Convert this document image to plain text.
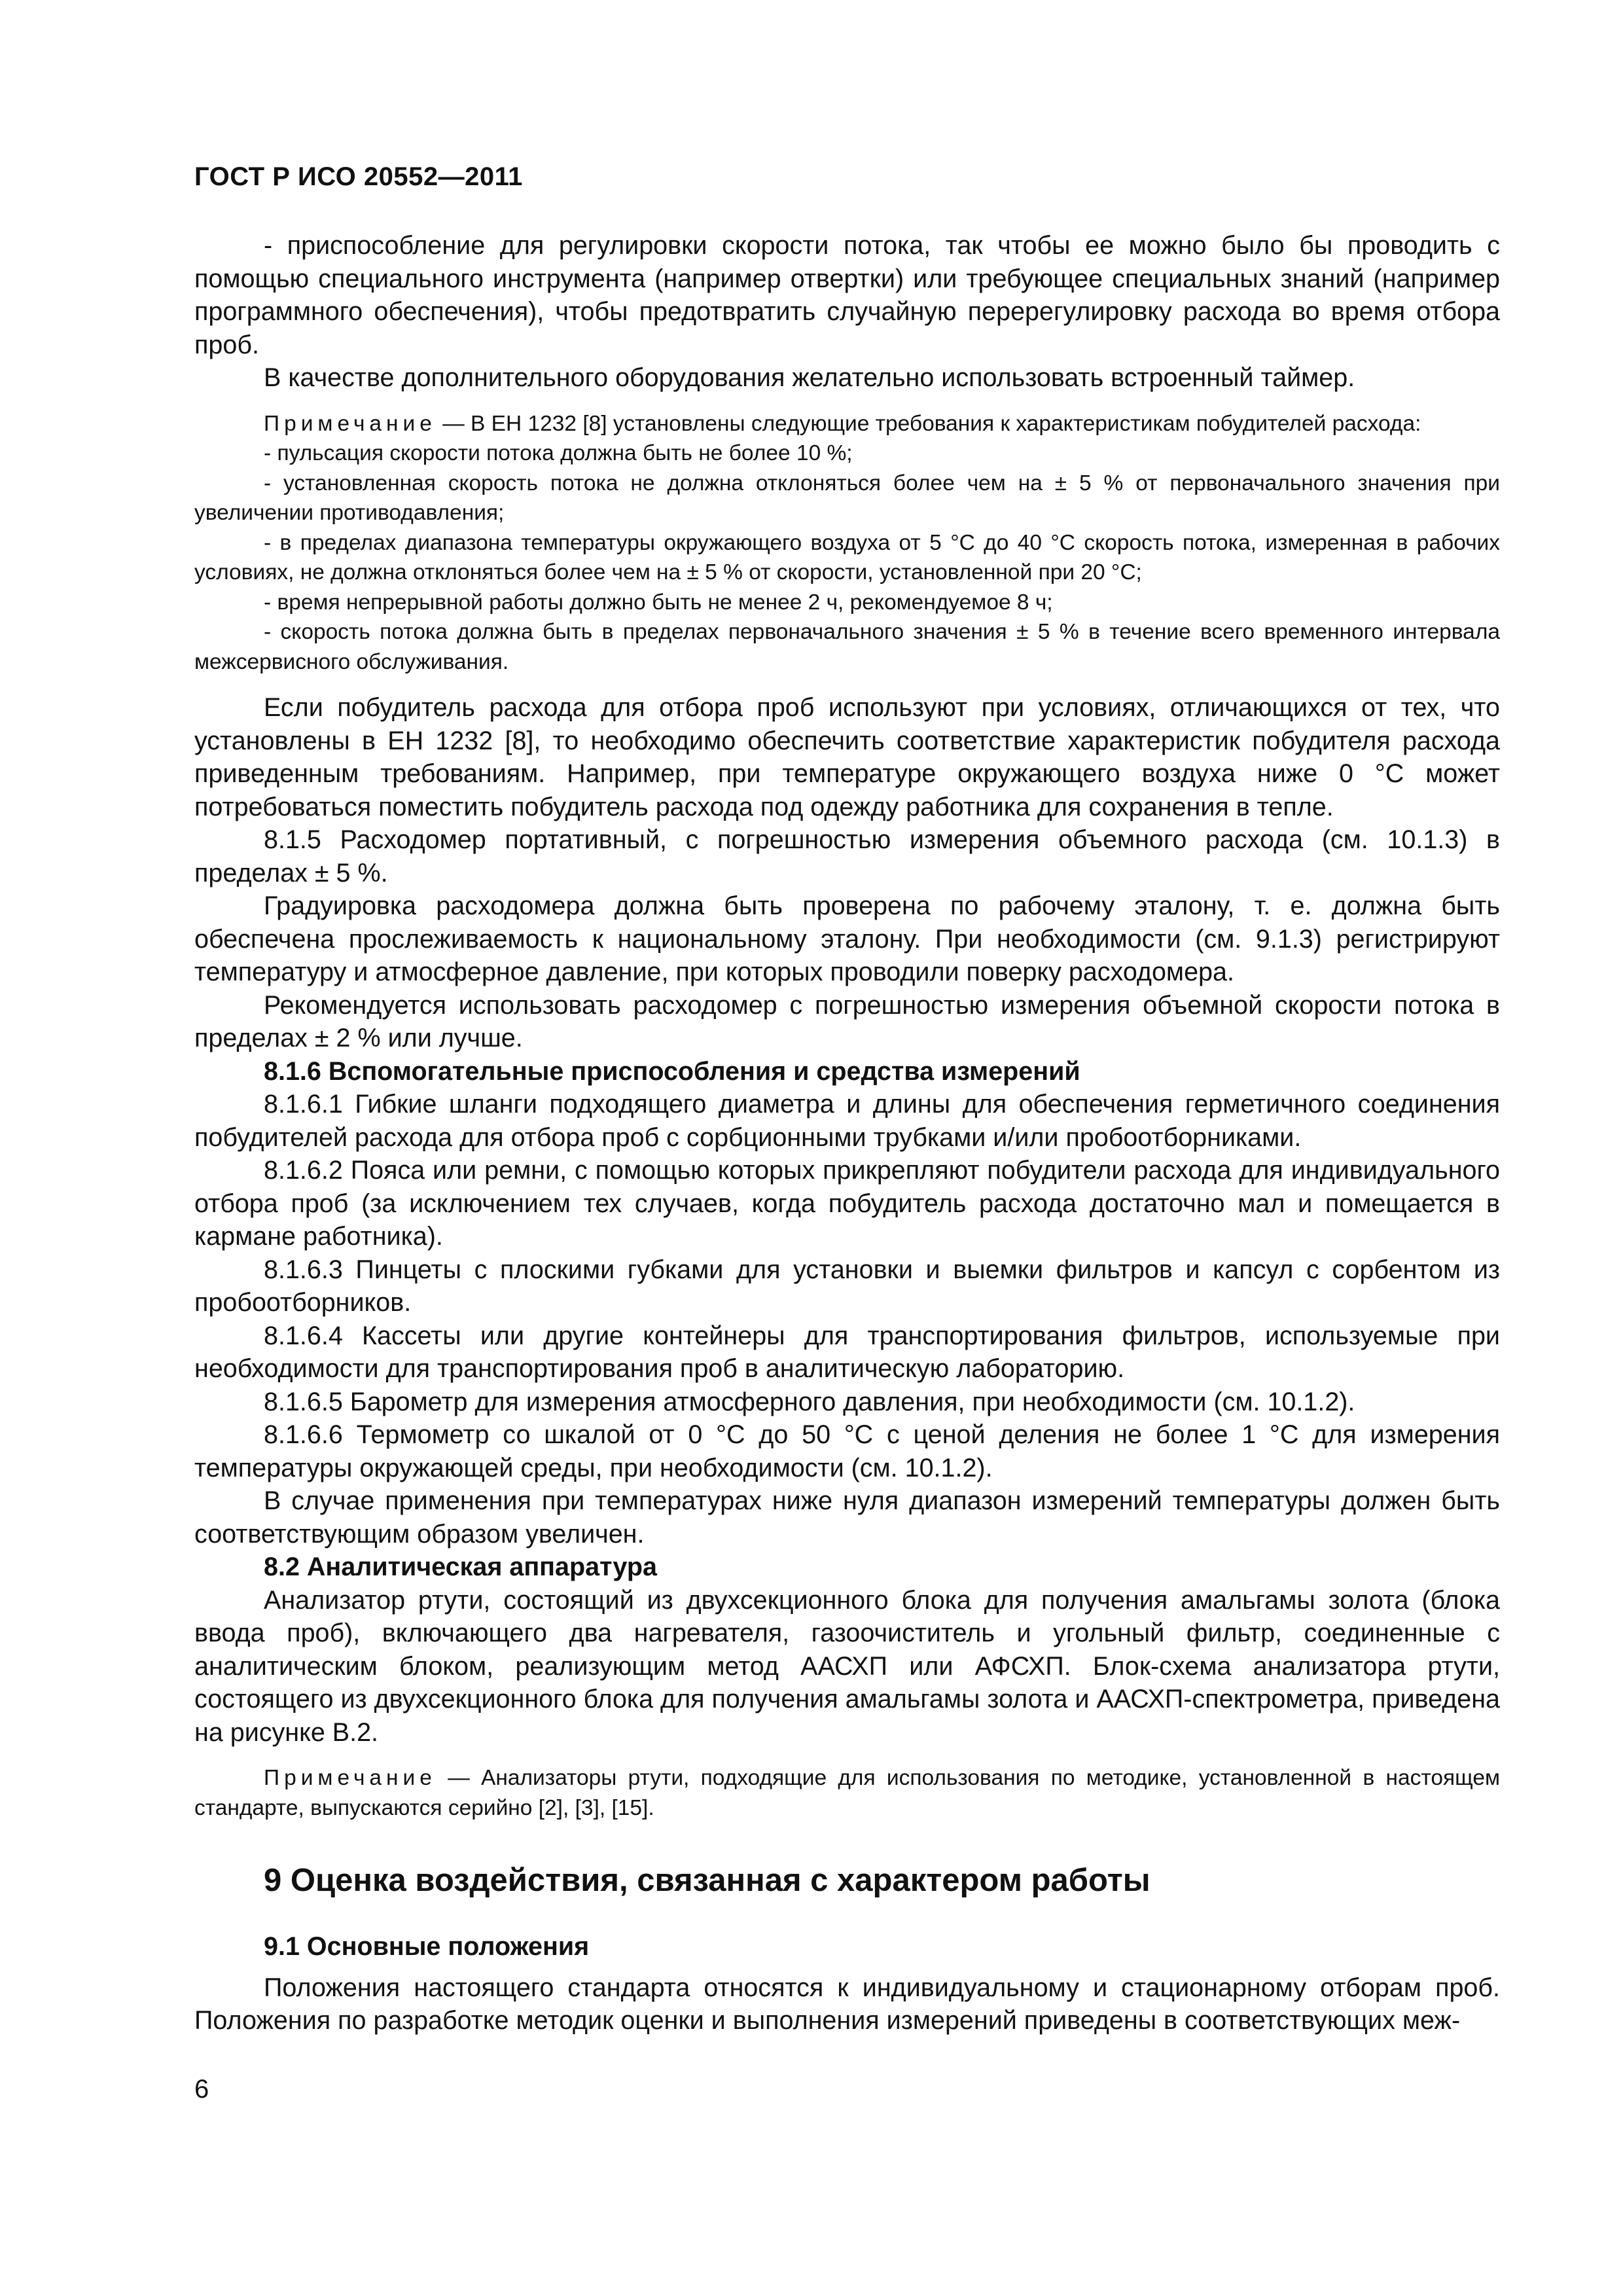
ГОСТ Р ИСО 20552—2011

- приспособление для регулировки скорости потока, так чтобы ее можно было бы проводить с помощью специального инструмента (например отвертки) или требующее специальных знаний (например программного обеспечения), чтобы предотвратить случайную перерегулировку расхода во время отбора проб.

В качестве дополнительного оборудования желательно использовать встроенный таймер.

Примечание — В ЕН 1232 [8] установлены следующие требования к характеристикам побудителей расхода:

- пульсация скорости потока должна быть не более 10 %;

- установленная скорость потока не должна отклоняться более чем на ± 5 % от первоначального значения при увеличении противодавления;

- в пределах диапазона температуры окружающего воздуха от 5 °С до 40 °С скорость потока, измеренная в рабочих условиях, не должна отклоняться более чем на ± 5 % от скорости, установленной при 20 °С;

- время непрерывной работы должно быть не менее 2 ч, рекомендуемое 8 ч;

- скорость потока должна быть в пределах первоначального значения ± 5 % в течение всего временного интервала межсервисного обслуживания.

Если побудитель расхода для отбора проб используют при условиях, отличающихся от тех, что установлены в ЕН 1232 [8], то необходимо обеспечить соответствие характеристик побудителя расхода приведенным требованиям. Например, при температуре окружающего воздуха ниже 0 °С может потребоваться поместить побудитель расхода под одежду работника для сохранения в тепле.

8.1.5 Расходомер портативный, с погрешностью измерения объемного расхода (см. 10.1.3) в пределах ± 5 %.

Градуировка расходомера должна быть проверена по рабочему эталону, т. е. должна быть обеспечена прослеживаемость к национальному эталону. При необходимости (см. 9.1.3) регистрируют температуру и атмосферное давление, при которых проводили поверку расходомера.

Рекомендуется использовать расходомер с погрешностью измерения объемной скорости потока в пределах ± 2 % или лучше.

8.1.6 Вспомогательные приспособления и средства измерений

8.1.6.1 Гибкие шланги подходящего диаметра и длины для обеспечения герметичного соединения побудителей расхода для отбора проб с сорбционными трубками и/или пробоотборниками.

8.1.6.2 Пояса или ремни, с помощью которых прикрепляют побудители расхода для индивидуального отбора проб (за исключением тех случаев, когда побудитель расхода достаточно мал и помещается в кармане работника).

8.1.6.3 Пинцеты с плоскими губками для установки и выемки фильтров и капсул с сорбентом из пробоотборников.

8.1.6.4 Кассеты или другие контейнеры для транспортирования фильтров, используемые при необходимости для транспортирования проб в аналитическую лабораторию.

8.1.6.5 Барометр для измерения атмосферного давления, при необходимости (см. 10.1.2).

8.1.6.6 Термометр со шкалой от 0 °С до 50 °С с ценой деления не более 1 °С для измерения температуры окружающей среды, при необходимости (см. 10.1.2).

В случае применения при температурах ниже нуля диапазон измерений температуры должен быть соответствующим образом увеличен.

8.2 Аналитическая аппаратура

Анализатор ртути, состоящий из двухсекционного блока для получения амальгамы золота (блока ввода проб), включающего два нагревателя, газоочиститель и угольный фильтр, соединенные с аналитическим блоком, реализующим метод ААСХП или АФСХП. Блок-схема анализатора ртути, состоящего из двухсекционного блока для получения амальгамы золота и ААСХП-спектрометра, приведена на рисунке В.2.

Примечание — Анализаторы ртути, подходящие для использования по методике, установленной в настоящем стандарте, выпускаются серийно [2], [3], [15].

9 Оценка воздействия, связанная с характером работы

9.1 Основные положения

Положения настоящего стандарта относятся к индивидуальному и стационарному отборам проб. Положения по разработке методик оценки и выполнения измерений приведены в соответствующих меж-

6
